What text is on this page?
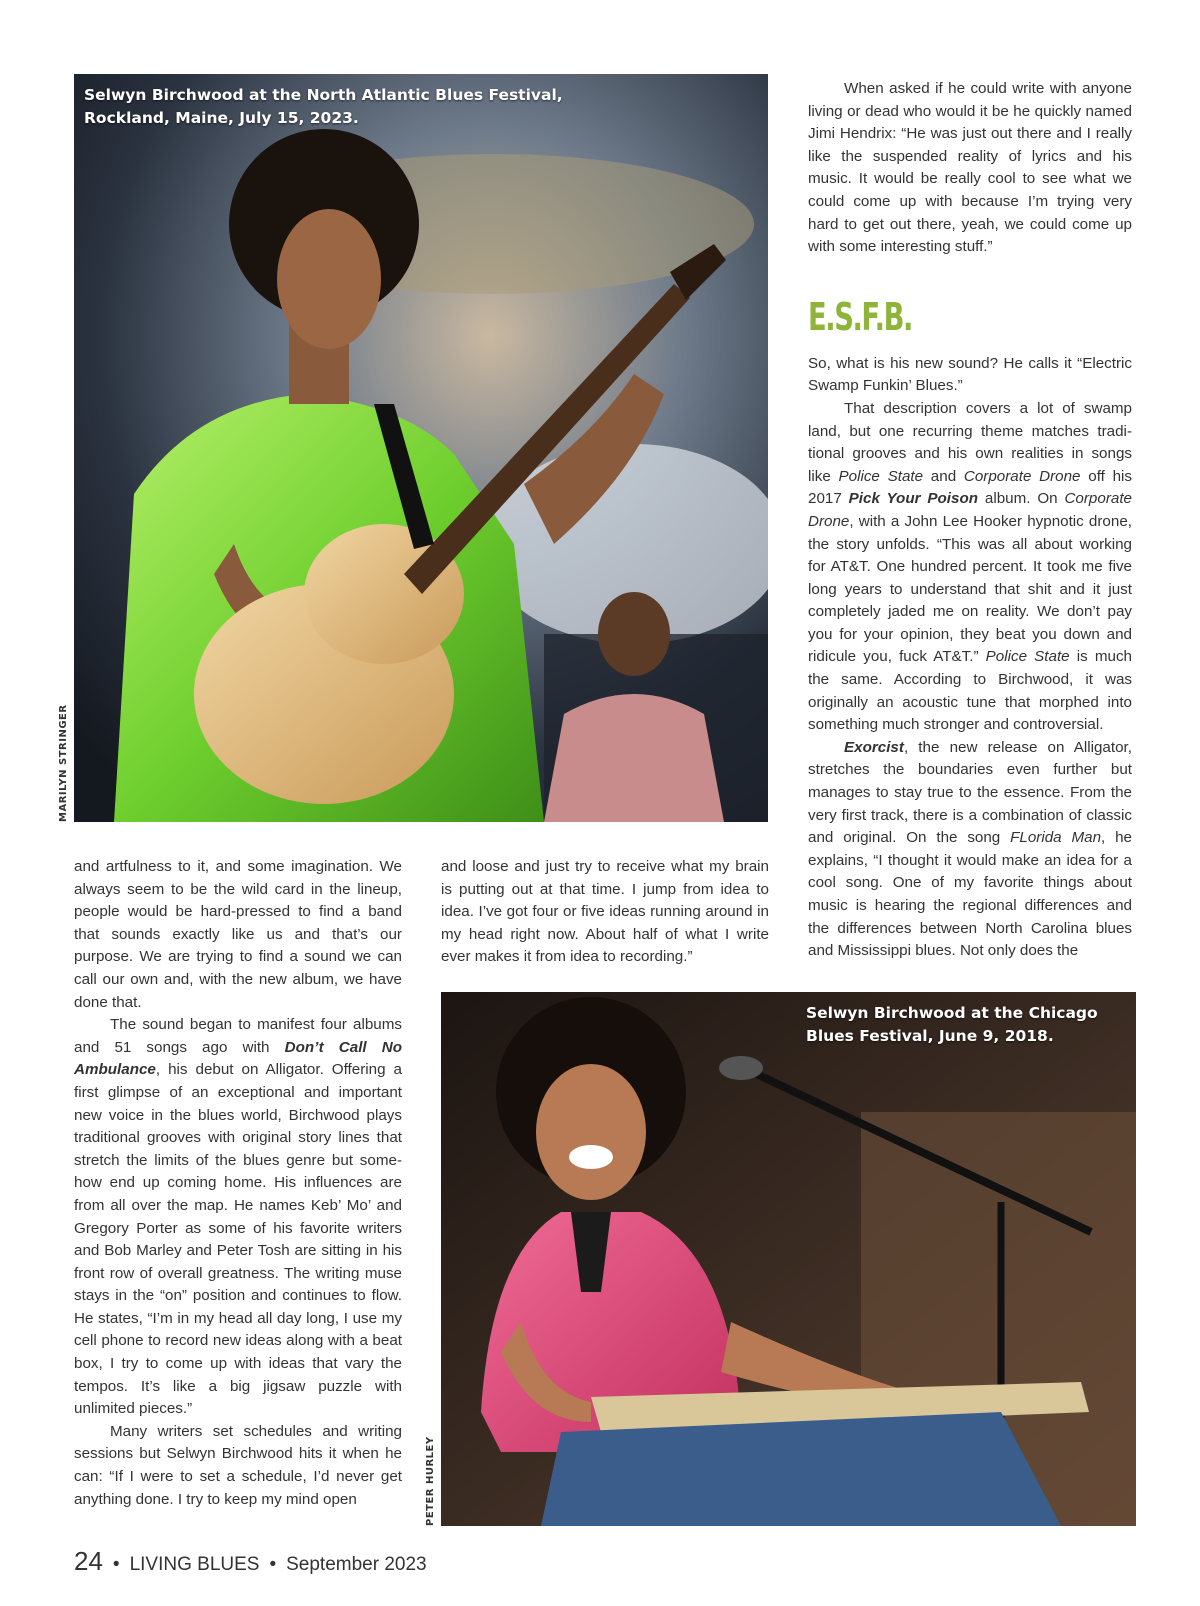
Selwyn Birchwood at the North Atlantic Blues Festival,
Rockland, Maine, July 15, 2023.
MARILYN STRINGER

When asked if he could write with anyone living or dead who would it be he quickly named Jimi Hendrix: “He was just out there and I really like the suspended reality of lyrics and his music. It would be really cool to see what we could come up with because I’m trying very hard to get out there, yeah, we could come up with some interesting stuff.”

E.S.F.B.

So, what is his new sound? He calls it “Electric Swamp Funkin’ Blues.”

That description covers a lot of swamp land, but one recurring theme matches traditional grooves and his own realities in songs like Police State and Corporate Drone off his 2017 Pick Your Poison album. On Corporate Drone, with a John Lee Hooker hypnotic drone, the story unfolds. “This was all about working for AT&T. One hundred percent. It took me five long years to understand that shit and it just completely jaded me on reality. We don’t pay you for your opinion, they beat you down and ridicule you, fuck AT&T.” Police State is much the same. According to Birchwood, it was originally an acoustic tune that morphed into something much stronger and controversial.

Exorcist, the new release on Alligator, stretches the boundaries even further but manages to stay true to the essence. From the very first track, there is a combination of classic and original. On the song FLorida Man, he explains, “I thought it would make an idea for a cool song. One of my favorite things about music is hearing the regional differences and the differences between North Carolina blues and Mississippi blues. Not only does the

and artfulness to it, and some imagination. We always seem to be the wild card in the lineup, people would be hard-pressed to find a band that sounds exactly like us and that’s our purpose. We are trying to find a sound we can call our own and, with the new album, we have done that.

The sound began to manifest four albums and 51 songs ago with Don’t Call No Ambulance, his debut on Alligator. Offering a first glimpse of an exceptional and important new voice in the blues world, Birchwood plays traditional grooves with original story lines that stretch the limits of the blues genre but somehow end up coming home. His influences are from all over the map. He names Keb’ Mo’ and Gregory Porter as some of his favorite writers and Bob Marley and Peter Tosh are sitting in his front row of overall greatness. The writing muse stays in the “on” position and continues to flow. He states, “I’m in my head all day long, I use my cell phone to record new ideas along with a beat box, I try to come up with ideas that vary the tempos. It’s like a big jigsaw puzzle with unlimited pieces.”

Many writers set schedules and writing sessions but Selwyn Birchwood hits it when he can: “If I were to set a schedule, I’d never get anything done. I try to keep my mind open

and loose and just try to receive what my brain is putting out at that time. I jump from idea to idea. I’ve got four or five ideas running around in my head right now. About half of what I write ever makes it from idea to recording.”

Selwyn Birchwood at the Chicago
Blues Festival, June 9, 2018.
PETER HURLEY
24 • LIVING BLUES • September 2023
